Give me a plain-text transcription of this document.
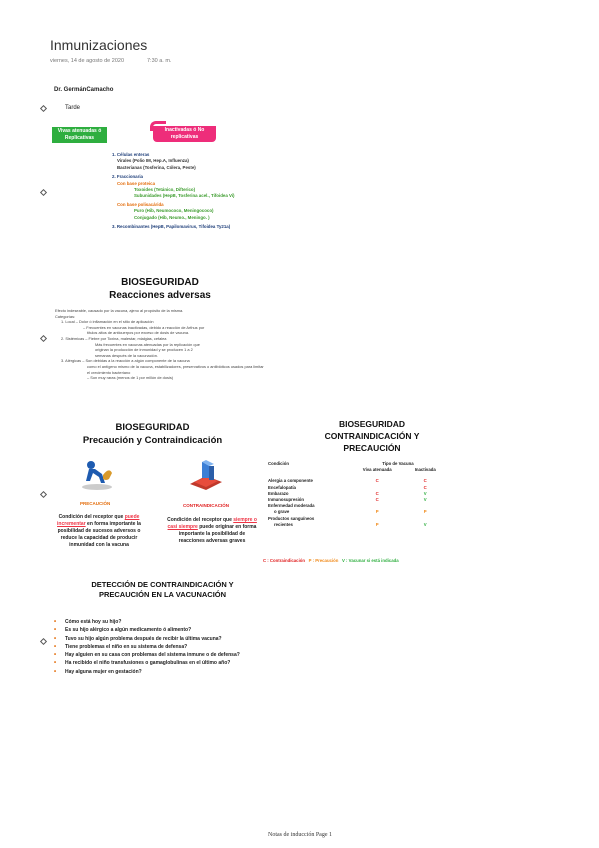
Inmunizaciones
viernes, 14 de agosto de 2020	7:30 a. m.
Dr. GermánCamacho
Tarde
Vivas atenuadas ó Replicativas
Inactivadas ó No replicativas
1. Células enteras
Virales (Polio IM, Hep.A, Influenza)
Bacterianas (Tosferina, Cólera, Peste)
2. Fraccionaria
Con base proteica
Toxoides (Tetánico, Difterico)
Subunidades (HepB, Tosferina acel., Tifoidea Vi)
Con base polisacárida
Puro (Hib, Neumococo, Meningococo)
Conjugado (Hib, Neumo., Meningo. )
3. Recombinantes (HepB, Papilomavirus, Tifoidea Ty21a)
BIOSEGURIDAD
Reacciones adversas
Efecto indeseable, causado por la vacuna, ajeno al propósito de la misma.
Categorías:
1. Local – Dolor ó inflamación en el sitio de aplicación
– Frecuentes en vacunas inactivadas, debido a reacción de Arthus por
títulos altos de anticuerpos por exceso de dosis de vacuna.
2. Sistémicas – Fiebre por Toxina, malestar, mialgias, cefalea
Más frecuentes en vacunas atenuadas por la replicación que
originan la producción de inmunidad y se producen 1 a 2
semanas después de la vacunación.
3. Alérgicas – Son debidas a la reacción a algún componente de la vacuna
como el antígeno mismo de la vacuna, estabilizadores, preservativos o antibióticos usados para limitar el crecimiento bacteriano
– Son muy raras (menos de 1 por millón de dosis)
BIOSEGURIDAD
Precaución y Contraindicación
PRECAUCIÓN
Condición del receptor que puede incrementar en forma importante la posibilidad de sucesos adversos o reduce la capacidad de producir inmunidad con la vacuna
CONTRAINDICACIÓN
Condición del receptor que siempre o casi siempre puede originar en forma importante la posibilidad de reacciones adversas graves
BIOSEGURIDAD
CONTRAINDICACIÓN Y PRECAUCIÓN
Condición	Tipo de Vacuna	
	Viva atenuada	Inactivada

Alergia a componente	C	C
Encefalopatía		C
Embarazo	C	V
Inmunosupresión	C	V
Enfermedad moderada		
o grave	P	P
Productos sanguíneos		
recientes	P	V
C : Contraindicación P : Precaución V : Vacunar si está indicada
DETECCIÓN DE CONTRAINDICACIÓN Y
PRECAUCIÓN EN LA VACUNACIÓN
• Cómo está hoy su hijo?
• Es su hijo alérgico a algún medicamento ó alimento?
• Tuvo su hijo algún problema después de recibir la última vacuna?
• Tiene problemas el niño en su sistema de defensa?
• Hay alguien en su casa con problemas del sistema inmune o de defensa?
• Ha recibido el niño transfusiones o gamaglobulinas en el último año?
• Hay alguna mujer en gestación?
Notas de inducción Page 1
